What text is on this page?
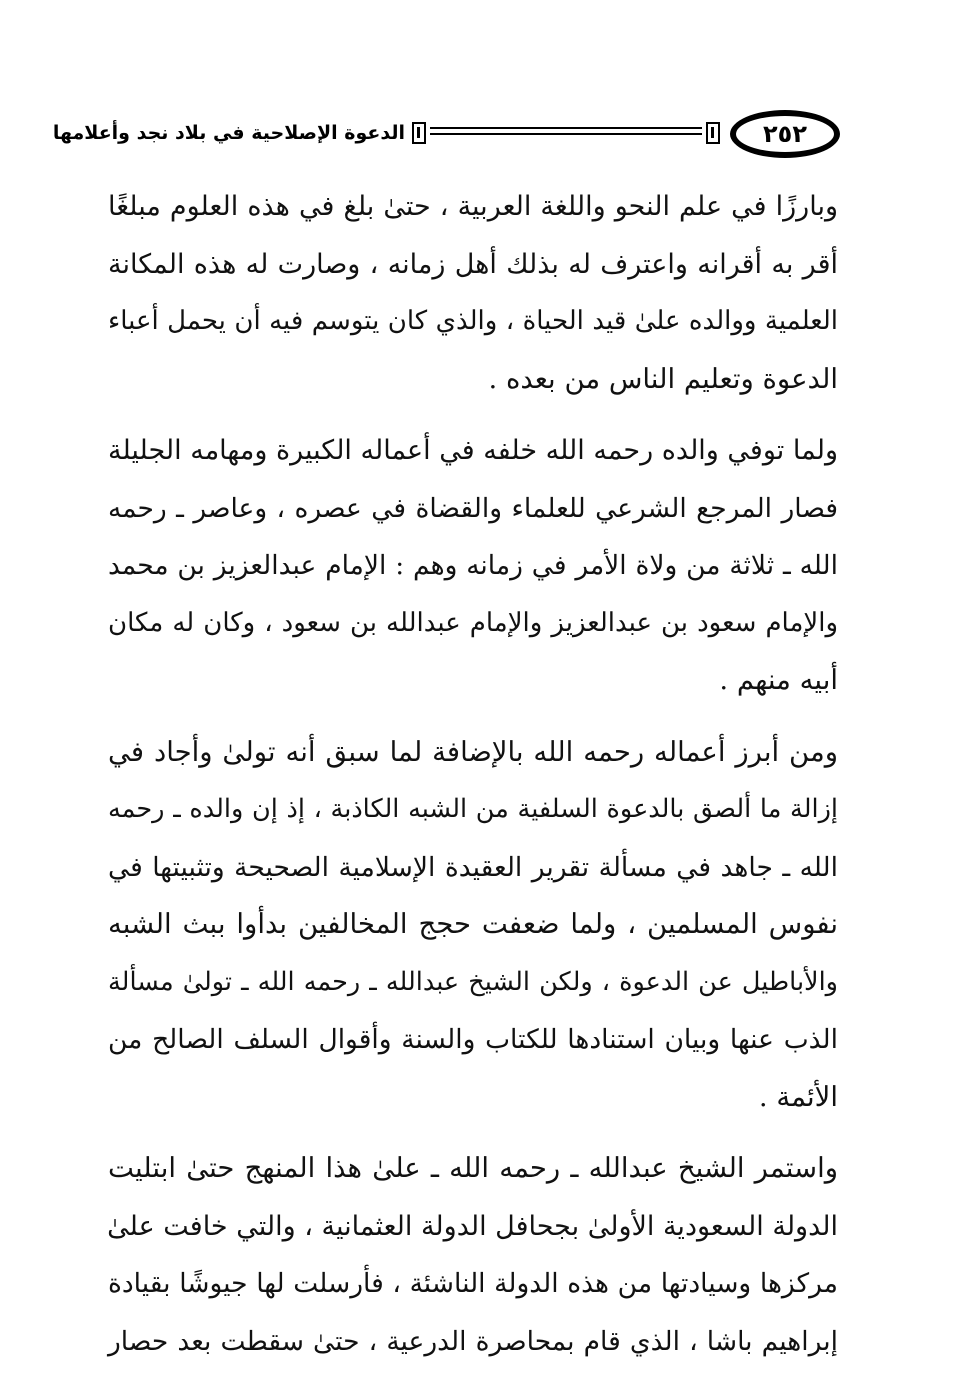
الدعوة الإصلاحية في بلاد نجد وأعلامها	٢٥٢
وبارزًا في علم النحو واللغة العربية ، حتىٰ بلغ في هذه العلوم مبلغًا
أقر به أقرانه واعترف له بذلك أهل زمانه ، وصارت له هذه المكانة
العلمية ووالده علىٰ قيد الحياة ، والذي كان يتوسم فيه أن يحمل أعباء
الدعوة وتعليم الناس من بعده .
ولما توفي والده رحمه الله خلفه في أعماله الكبيرة ومهامه الجليلة
فصار المرجع الشرعي للعلماء والقضاة في عصره ، وعاصر ـ رحمه
الله ـ ثلاثة من ولاة الأمر في زمانه وهم : الإمام عبدالعزيز بن محمد
والإمام سعود بن عبدالعزيز والإمام عبدالله بن سعود ، وكان له مكان
أبيه منهم .
ومن أبرز أعماله رحمه الله بالإضافة لما سبق أنه تولىٰ وأجاد في
إزالة ما ألصق بالدعوة السلفية من الشبه الكاذبة ، إذ إن والده ـ رحمه
الله ـ جاهد في مسألة تقرير العقيدة الإسلامية الصحيحة وتثبيتها في
نفوس المسلمين ، ولما ضعفت حجج المخالفين بدأوا ببث الشبه
والأباطيل عن الدعوة ، ولكن الشيخ عبدالله ـ رحمه الله ـ تولىٰ مسألة
الذب عنها وبيان استنادها للكتاب والسنة وأقوال السلف الصالح من
الأئمة .
واستمر الشيخ عبدالله ـ رحمه الله ـ علىٰ هذا المنهج حتىٰ ابتليت
الدولة السعودية الأولىٰ بجحافل الدولة العثمانية ، والتي خافت علىٰ
مركزها وسيادتها من هذه الدولة الناشئة ، فأرسلت لها جيوشًا بقيادة
إبراهيم باشا ، الذي قام بمحاصرة الدرعية ، حتىٰ سقطت بعد حصار
